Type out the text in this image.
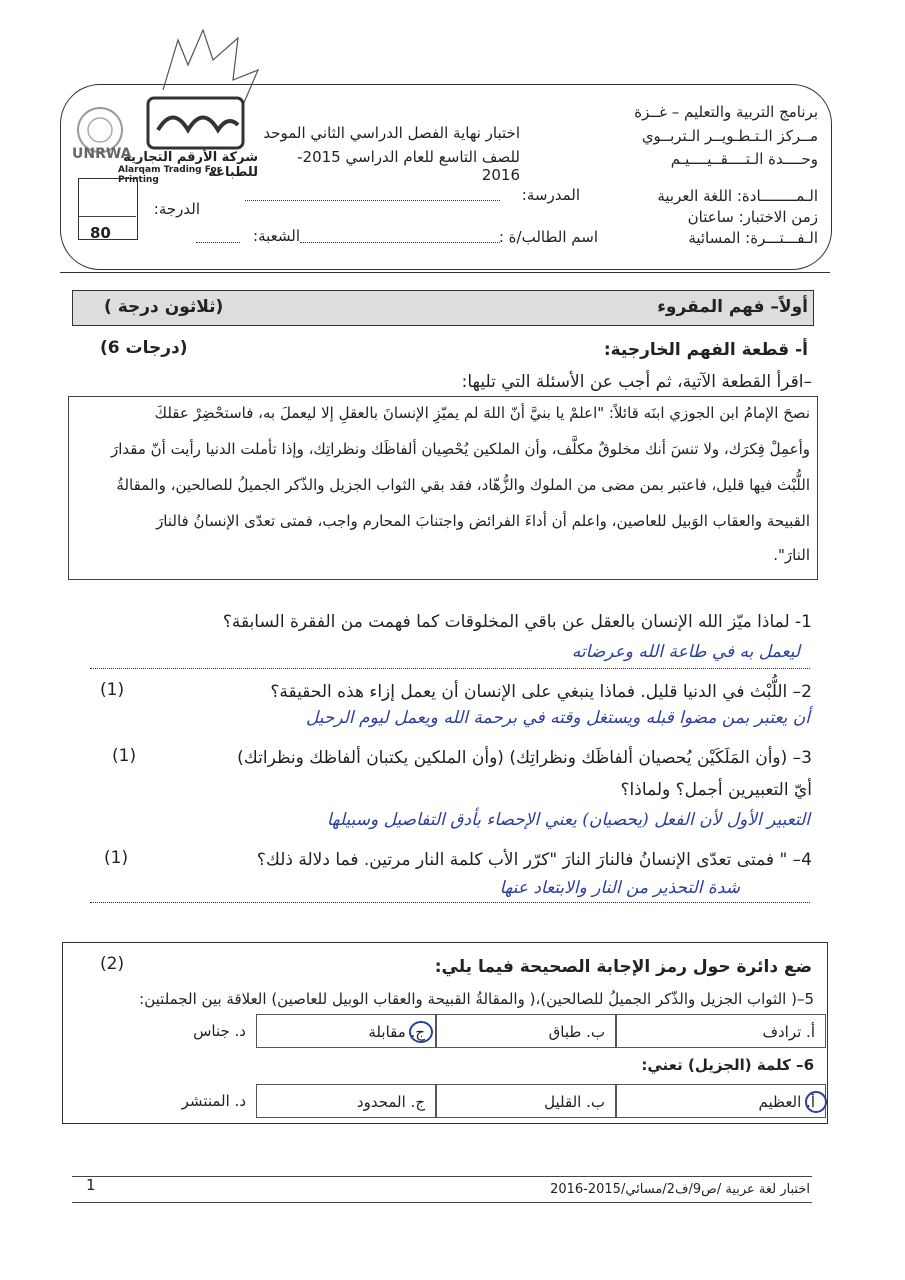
شركة الأرقم التجارية للطباعة
Alarqam Trading For Printing
UNRWA
80
الدرجة:
برنامج التربية والتعليم – غــزة
مــركز الـتـطـويــر الـتربــوي
وحــــدة الـتــــقــيــــيـم
اختبار نهاية الفصل الدراسي الثاني الموحد
للصف التاسع للعام الدراسي 2015-2016
الـمــــــــادة: اللغة العربية
زمن الاختبار: ساعتان
الـفـــتـــرة: المسائية
المدرسة:
اسم الطالب/ة :
الشعبة:
أولاً– فهم المقروء
( ثلاثون درجة)
أ- قطعة الفهم الخارجية:
(6 درجات)
–اقرأ القطعة الآتية، ثم أجب عن الأسئلة التي تليها:
نصحَ الإمامُ ابن الجوزي ابنَه قائلاً: "اعلمْ يا بنيَّ أنّ اللهَ لم يميّزِ الإنسانَ بالعقلِ إلا ليعملَ به، فاستحْضِرْ عقلكَ
وأعمِلْ فِكرَك، ولا تنسَ أنك مخلوقٌ مكلَّف، وأن الملكين يُحْصِيان ألفاظَك ونظراتِك، وإذا تأملت الدنيا رأيت أنّ مقدارَ
اللُّبْث فيها قليل، فاعتبر بمن مضى من الملوك والزُّهّاد، فقد بقي الثواب الجزيل والذّكر الجميلُ للصالحين، والمقالةُ
القبيحة والعقاب الوَبيل للعاصين، واعلم أن أداءَ الفرائض واجتنابَ المحارم واجب، فمتى تعدّى الإنسانُ فالنارَ
النارَ".
1- لماذا ميّز الله الإنسان بالعقل عن باقي المخلوقات كما فهمت من الفقرة السابقة؟
ليعمل به في طاعة الله وعرضاته
2– اللُّبْث في الدنيا قليل. فماذا ينبغي على الإنسان أن يعمل إزاء هذه الحقيقة؟
(1)
أن يعتبر بمن مضوا قبله ويستغل وقته في برحمة الله ويعمل ليوم الرحيل
3– (وأن المَلَكَيْن يُحصيان ألفاظَك ونظراتِك) (وأن الملكين يكتبان ألفاظك ونظراتك)
(1)
أيّ التعبيرين أجمل؟ ولماذا؟
التعبير الأول لأن الفعل (يحصيان) يعني الإحصاء بأدق التفاصيل وسبيلها
4– " فمتى تعدّى الإنسانُ فالنارَ النارَ "كرّر الأب كلمة النار مرتين. فما دلالة ذلك؟
(1)
شدة التحذير من النار والابتعاد عنها
ضع دائرة حول رمز الإجابة الصحيحة فيما يلي:
(2)
5–( الثواب الجزيل والذّكر الجميلُ للصالحين)،( والمقالةُ القبيحة والعقاب الوبيل للعاصين) العلاقة بين الجملتين:
أ. ترادف
ب. طباق
ج. مقابلة
د. جناس
6– كلمة (الجزيل) تعني:
أ. العظيم
ب. القليل
ج. المحدود
د. المنتشر
1	اختبار لغة عربية /ص9/ف2/مسائي/2015-2016
